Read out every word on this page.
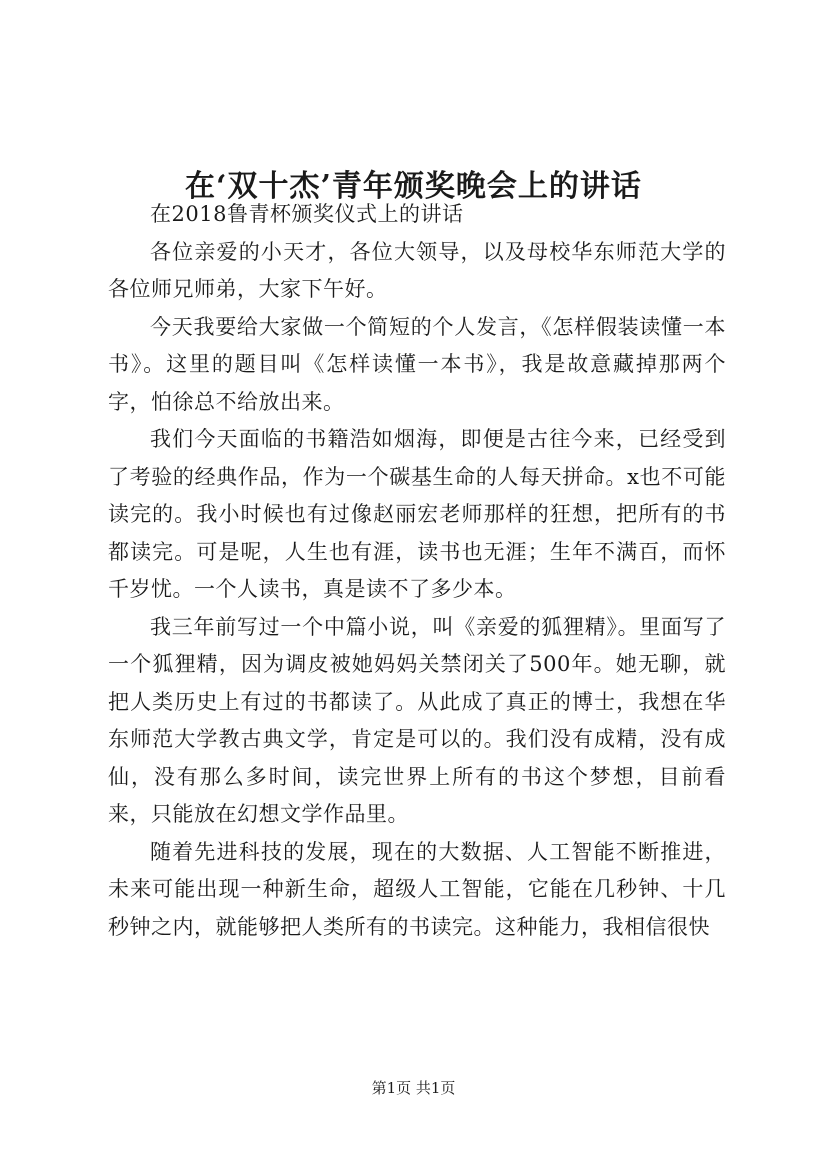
在‘双十杰’青年颁奖晚会上的讲话

在2018鲁青杯颁奖仪式上的讲话

各位亲爱的小天才，各位大领导，以及母校华东师范大学的各位师兄师弟，大家下午好。

今天我要给大家做一个简短的个人发言，《怎样假装读懂一本书》。这里的题目叫《怎样读懂一本书》，我是故意藏掉那两个字，怕徐总不给放出来。

我们今天面临的书籍浩如烟海，即便是古往今来，已经受到了考验的经典作品，作为一个碳基生命的人每天拼命。x也不可能读完的。我小时候也有过像赵丽宏老师那样的狂想，把所有的书都读完。可是呢，人生也有涯，读书也无涯；生年不满百，而怀千岁忧。一个人读书，真是读不了多少本。

我三年前写过一个中篇小说，叫《亲爱的狐狸精》。里面写了一个狐狸精，因为调皮被她妈妈关禁闭关了500年。她无聊，就把人类历史上有过的书都读了。从此成了真正的博士，我想在华东师范大学教古典文学，肯定是可以的。我们没有成精，没有成仙，没有那么多时间，读完世界上所有的书这个梦想，目前看来，只能放在幻想文学作品里。

随着先进科技的发展，现在的大数据、人工智能不断推进，未来可能出现一种新生命，超级人工智能，它能在几秒钟、十几秒钟之内，就能够把人类所有的书读完。这种能力，我相信很快

第1页 共1页
